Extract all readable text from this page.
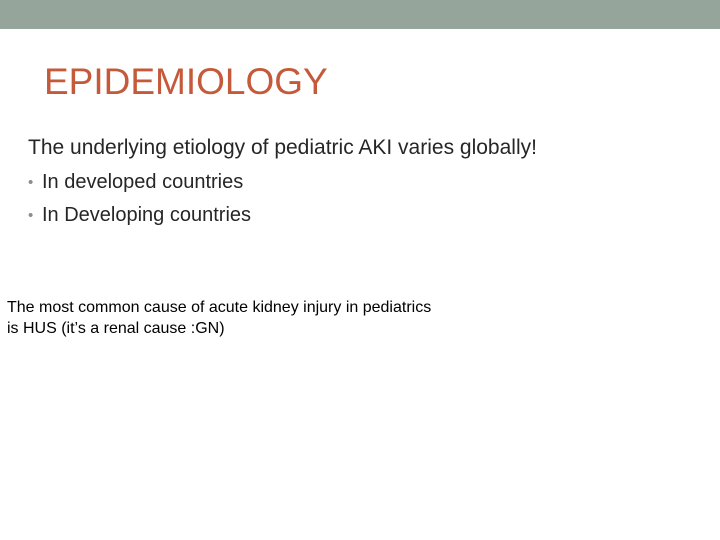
EPIDEMIOLOGY
The underlying etiology of pediatric AKI varies globally!
• In developed countries
• In Developing countries
The most common cause of acute kidney injury in pediatrics
is HUS (it’s a renal cause :GN)
